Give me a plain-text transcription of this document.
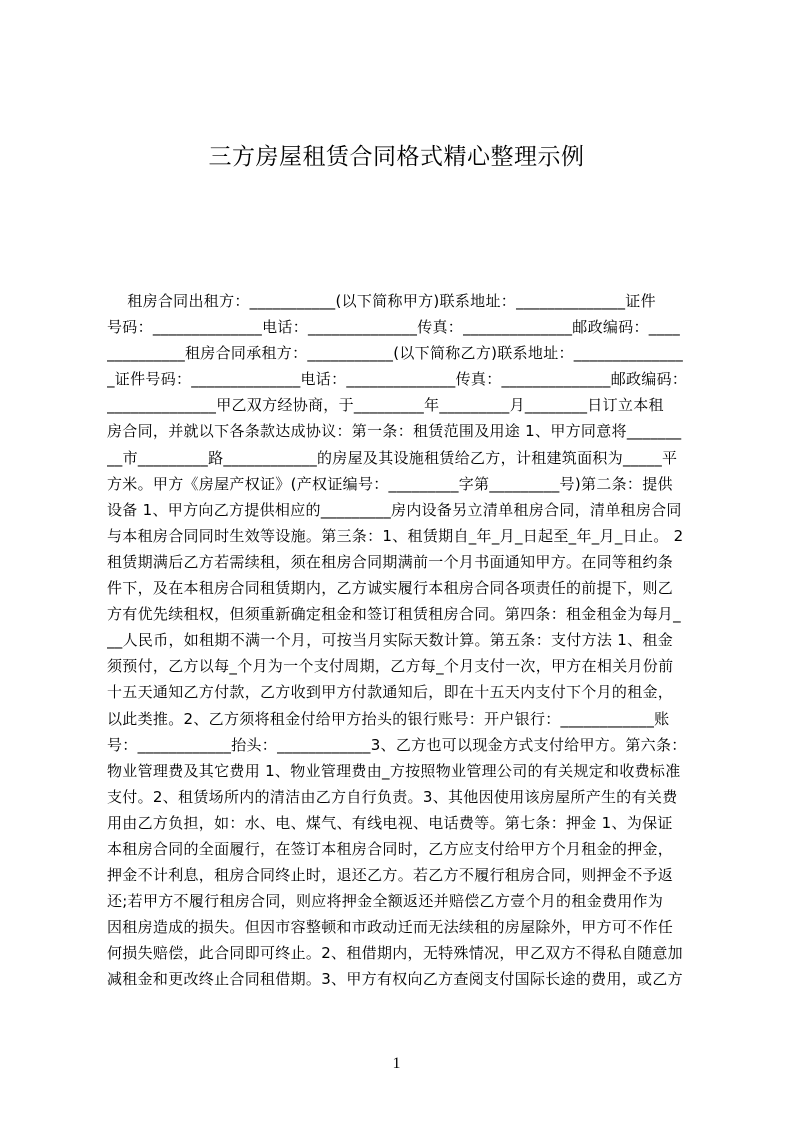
三方房屋租赁合同格式精心整理示例
租房合同出租方：___________(以下简称甲方)联系地址：______________证件
号码：______________电话：______________传真：______________邮政编码：____
__________租房合同承租方：___________(以下简称乙方)联系地址：______________
_证件号码：______________电话：______________传真：______________邮政编码：
______________甲乙双方经协商，于_________年_________月________日订立本租
房合同，并就以下各条款达成协议：第一条：租赁范围及用途 1、甲方同意将_______
__市_________路____________的房屋及其设施租赁给乙方，计租建筑面积为_____平
方米。甲方《房屋产权证》(产权证编号：_________字第_________号)第二条：提供
设备 1、甲方向乙方提供相应的_________房内设备另立清单租房合同，清单租房合同
与本租房合同同时生效等设施。第三条：1、租赁期自_年_月_日起至_年_月_日止。 2
租赁期满后乙方若需续租，须在租房合同期满前一个月书面通知甲方。在同等租约条
件下，及在本租房合同租赁期内，乙方诚实履行本租房合同各项责任的前提下，则乙
方有优先续租权，但须重新确定租金和签订租赁租房合同。第四条：租金租金为每月_
__人民币，如租期不满一个月，可按当月实际天数计算。第五条：支付方法 1、租金
须预付，乙方以每_个月为一个支付周期，乙方每_个月支付一次，甲方在相关月份前
十五天通知乙方付款，乙方收到甲方付款通知后，即在十五天内支付下个月的租金，
以此类推。2、乙方须将租金付给甲方抬头的银行账号：开户银行：____________账
号：____________抬头：____________3、乙方也可以现金方式支付给甲方。第六条：
物业管理费及其它费用 1、物业管理费由_方按照物业管理公司的有关规定和收费标准
支付。2、租赁场所内的清洁由乙方自行负责。3、其他因使用该房屋所产生的有关费
用由乙方负担，如：水、电、煤气、有线电视、电话费等。第七条：押金 1、为保证
本租房合同的全面履行，在签订本租房合同时，乙方应支付给甲方个月租金的押金，
押金不计利息，租房合同终止时，退还乙方。若乙方不履行租房合同，则押金不予返
还;若甲方不履行租房合同，则应将押金全额返还并赔偿乙方壹个月的租金费用作为
因租房造成的损失。但因市容整顿和市政动迁而无法续租的房屋除外，甲方可不作任
何损失赔偿，此合同即可终止。2、租借期内，无特殊情况，甲乙双方不得私自随意加
减租金和更改终止合同租借期。3、甲方有权向乙方查阅支付国际长途的费用，或乙方
1
